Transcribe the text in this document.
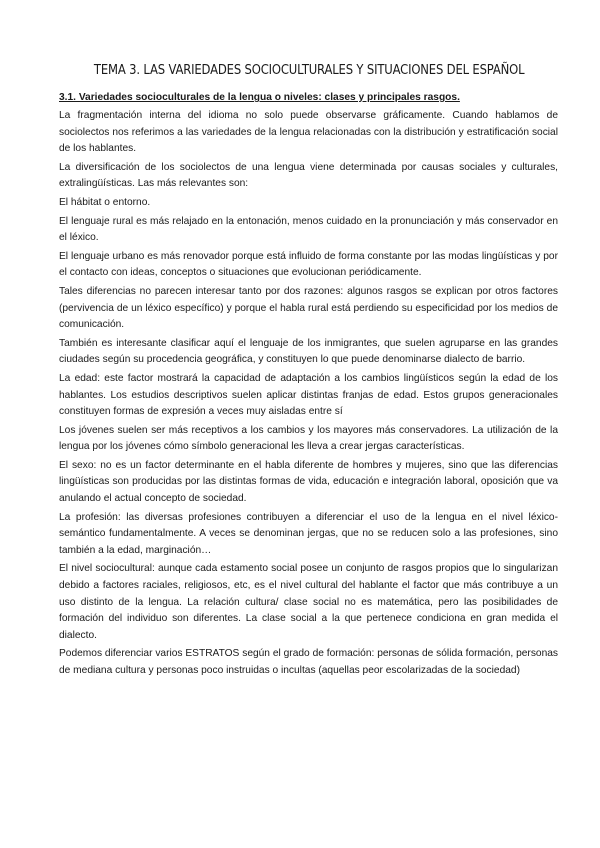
TEMA 3. LAS VARIEDADES SOCIOCULTURALES Y SITUACIONES DEL ESPAÑOL
3.1. Variedades socioculturales de la lengua o niveles: clases y principales rasgos.

La fragmentación interna del idioma no solo puede observarse gráficamente. Cuando hablamos de sociolectos nos referimos a las variedades de la lengua relacionadas con la distribución y estratificación social de los hablantes.

La diversificación de los sociolectos de una lengua viene determinada por causas sociales y culturales, extralingüísticas. Las más relevantes son:

El hábitat o entorno.

El lenguaje rural es más relajado en la entonación, menos cuidado en la pronunciación y más conservador en el léxico.

El lenguaje urbano es más renovador porque está influido de forma constante por las modas lingüísticas y por el contacto con ideas, conceptos o situaciones que evolucionan periódicamente.

Tales diferencias no parecen interesar tanto por dos razones: algunos rasgos se explican por otros factores (pervivencia de un léxico específico) y porque el habla rural está perdiendo su especificidad por los medios de comunicación.

También es interesante clasificar aquí el lenguaje de los inmigrantes, que suelen agruparse en las grandes ciudades según su procedencia geográfica, y constituyen lo que puede denominarse dialecto de barrio.

La edad: este factor mostrará la capacidad de adaptación a los cambios lingüísticos según la edad de los hablantes. Los estudios descriptivos suelen aplicar distintas franjas de edad. Estos grupos generacionales constituyen formas de expresión a veces muy aisladas entre sí

Los jóvenes suelen ser más receptivos a los cambios y los mayores más conservadores. La utilización de la lengua por los jóvenes cómo símbolo generacional les lleva a crear jergas características.

El sexo: no es un factor determinante en el habla diferente de hombres y mujeres, sino que las diferencias lingüísticas son producidas por las distintas formas de vida, educación e integración laboral, oposición que va anulando el actual concepto de sociedad.

La profesión: las diversas profesiones contribuyen a diferenciar el uso de la lengua en el nivel léxico-semántico fundamentalmente. A veces se denominan jergas, que no se reducen solo a las profesiones, sino también a la edad, marginación…

El nivel sociocultural: aunque cada estamento social posee un conjunto de rasgos propios que lo singularizan debido a factores raciales, religiosos, etc, es el nivel cultural del hablante el factor que más contribuye a un uso distinto de la lengua. La relación cultura/ clase social no es matemática, pero las posibilidades de formación del individuo son diferentes. La clase social a la que pertenece condiciona en gran medida el dialecto.

Podemos diferenciar varios ESTRATOS según el grado de formación: personas de sólida formación, personas de mediana cultura y personas poco instruidas o incultas (aquellas peor escolarizadas de la sociedad)
